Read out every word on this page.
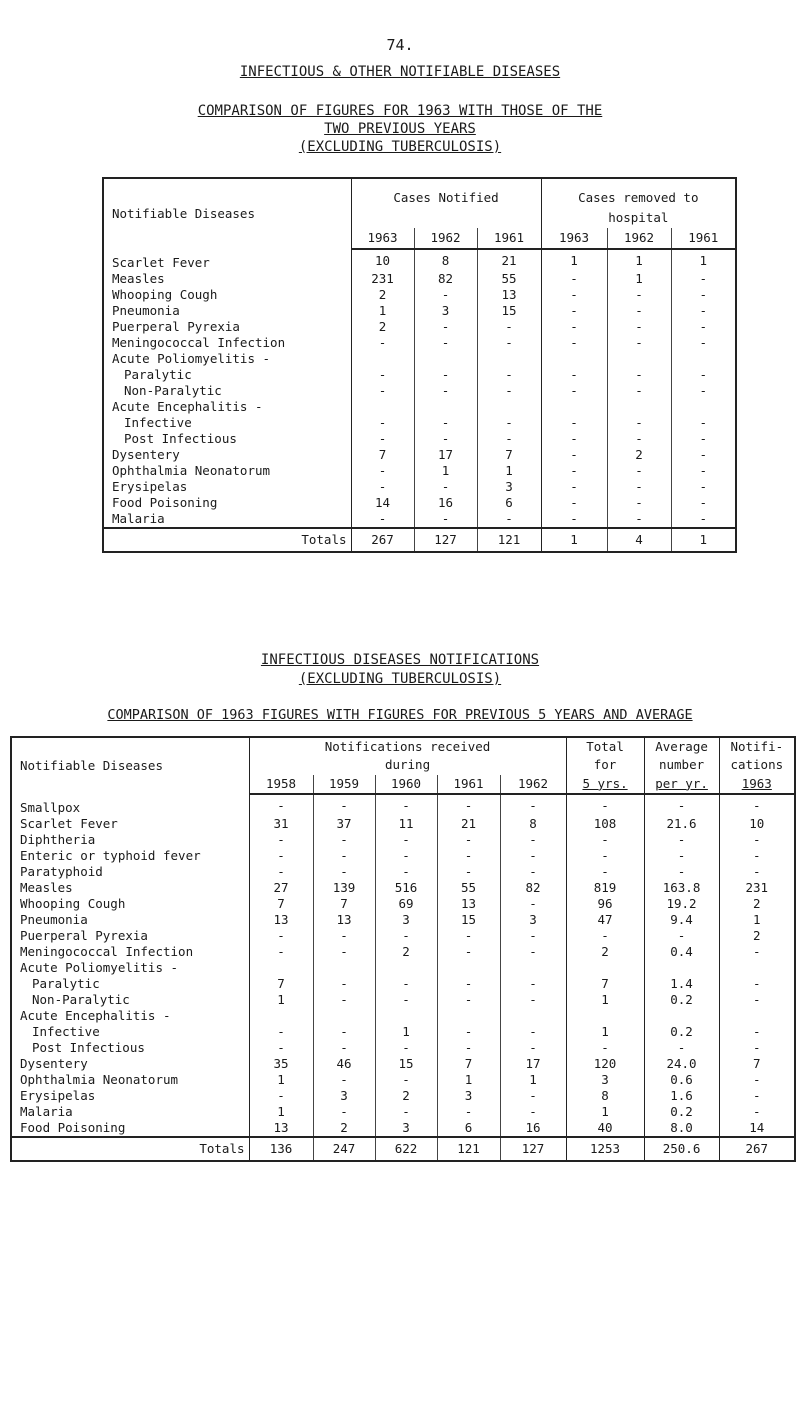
74.
INFECTIOUS & OTHER NOTIFIABLE DISEASES
COMPARISON OF FIGURES FOR 1963 WITH THOSE OF THE
TWO PREVIOUS YEARS
(EXCLUDING TUBERCULOSIS)
Notifiable Diseases	Cases Notified			Cases removed to		
				hospital		
	1963	1962	1961	1963	1962	1961
Scarlet Fever	10	8	21	1	1	1
Measles	231	82	55	-	1	-
Whooping Cough	2	-	13	-	-	-
Pneumonia	1	3	15	-	-	-
Puerperal Pyrexia	2	-	-	-	-	-
Meningococcal Infection	-	-	-	-	-	-
Acute Poliomyelitis -						
Paralytic	-	-	-	-	-	-
Non-Paralytic	-	-	-	-	-	-
Acute Encephalitis -						
Infective	-	-	-	-	-	-
Post Infectious	-	-	-	-	-	-
Dysentery	7	17	7	-	2	-
Ophthalmia Neonatorum	-	1	1	-	-	-
Erysipelas	-	-	3	-	-	-
Food Poisoning	14	16	6	-	-	-
Malaria	-	-	-	-	-	-
Totals	267	127	121	1	4	1
INFECTIOUS DISEASES NOTIFICATIONS
(EXCLUDING TUBERCULOSIS)
COMPARISON OF 1963 FIGURES WITH FIGURES FOR PREVIOUS 5 YEARS AND AVERAGE
Notifiable Diseases	Notifications received					Total	Average	Notifi-
	during					for	number	cations
	1958	1959	1960	1961	1962	5 yrs.	per yr.	1963
Smallpox	-	-	-	-	-	-	-	-
Scarlet Fever	31	37	11	21	8	108	21.6	10
Diphtheria	-	-	-	-	-	-	-	-
Enteric or typhoid fever	-	-	-	-	-	-	-	-
Paratyphoid	-	-	-	-	-	-	-	-
Measles	27	139	516	55	82	819	163.8	231
Whooping Cough	7	7	69	13	-	96	19.2	2
Pneumonia	13	13	3	15	3	47	9.4	1
Puerperal Pyrexia	-	-	-	-	-	-	-	2
Meningococcal Infection	-	-	2	-	-	2	0.4	-
Acute Poliomyelitis -								
Paralytic	7	-	-	-	-	7	1.4	-
Non-Paralytic	1	-	-	-	-	1	0.2	-
Acute Encephalitis -								
Infective	-	-	1	-	-	1	0.2	-
Post Infectious	-	-	-	-	-	-	-	-
Dysentery	35	46	15	7	17	120	24.0	7
Ophthalmia Neonatorum	1	-	-	1	1	3	0.6	-
Erysipelas	-	3	2	3	-	8	1.6	-
Malaria	1	-	-	-	-	1	0.2	-
Food Poisoning	13	2	3	6	16	40	8.0	14
Totals	136	247	622	121	127	1253	250.6	267
